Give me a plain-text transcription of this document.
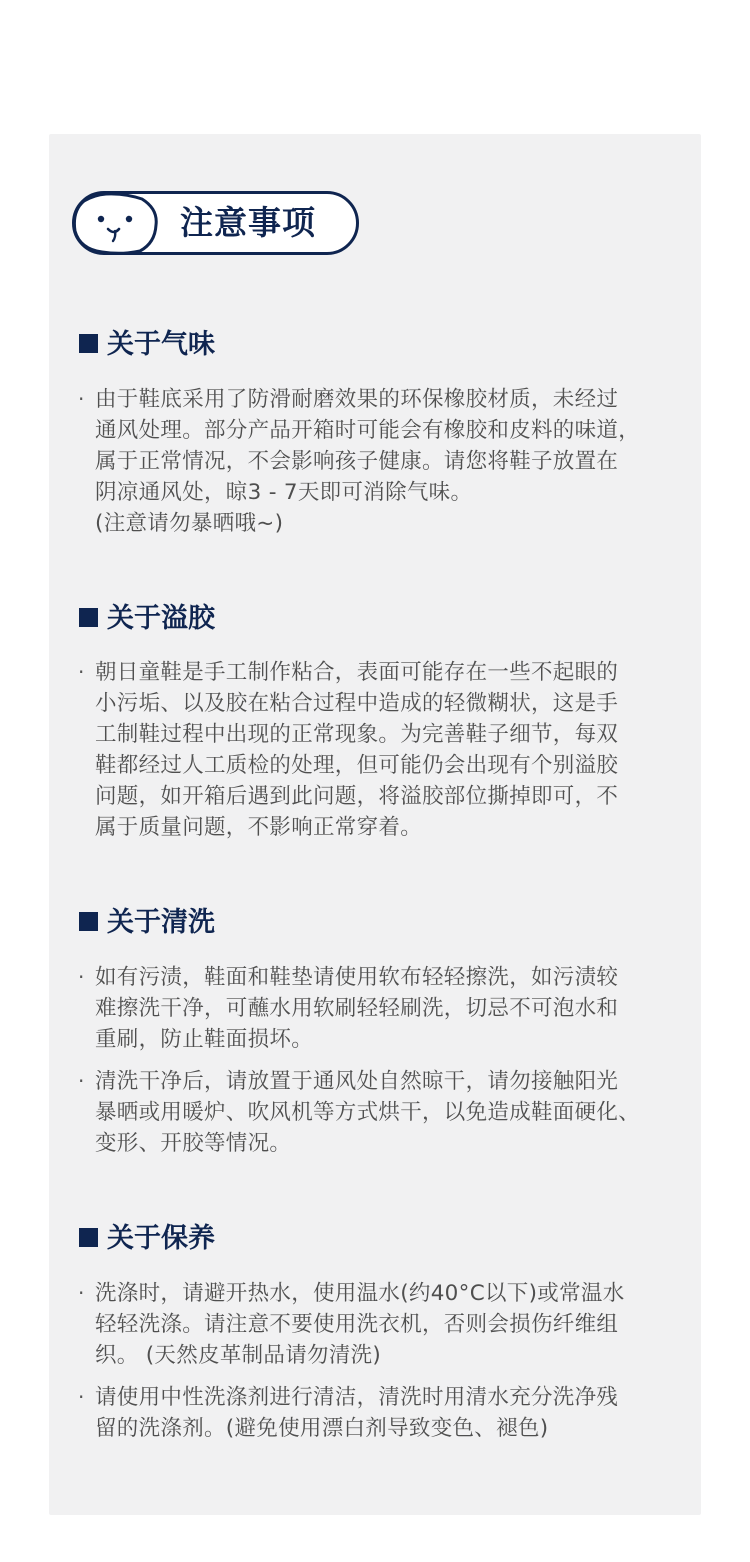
注意事项
关于气味
· 由于鞋底采用了防滑耐磨效果的环保橡胶材质，未经过
通风处理。部分产品开箱时可能会有橡胶和皮料的味道，
属于正常情况，不会影响孩子健康。请您将鞋子放置在
阴凉通风处，晾3 - 7天即可消除气味。
(注意请勿暴晒哦~)
关于溢胶
· 朝日童鞋是手工制作粘合，表面可能存在一些不起眼的
小污垢、以及胶在粘合过程中造成的轻微糊状，这是手
工制鞋过程中出现的正常现象。为完善鞋子细节，每双
鞋都经过人工质检的处理，但可能仍会出现有个别溢胶
问题，如开箱后遇到此问题，将溢胶部位撕掉即可，不
属于质量问题，不影响正常穿着。
关于清洗
· 如有污渍，鞋面和鞋垫请使用软布轻轻擦洗，如污渍较
难擦洗干净，可蘸水用软刷轻轻刷洗，切忌不可泡水和
重刷，防止鞋面损坏。
· 清洗干净后，请放置于通风处自然晾干，请勿接触阳光
暴晒或用暖炉、吹风机等方式烘干，以免造成鞋面硬化、
变形、开胶等情况。
关于保养
· 洗涤时，请避开热水，使用温水(约40°C以下)或常温水
轻轻洗涤。请注意不要使用洗衣机，否则会损伤纤维组
织。 (天然皮革制品请勿清洗)
· 请使用中性洗涤剂进行清洁，清洗时用清水充分洗净残
留的洗涤剂。(避免使用漂白剂导致变色、褪色)
